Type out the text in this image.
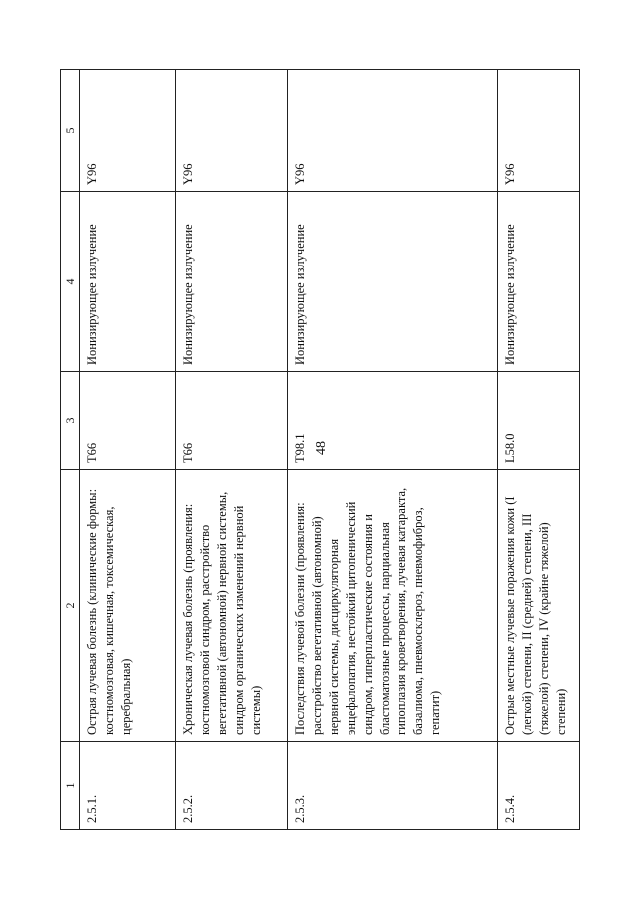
48
1	2	3	4	5
2.5.1.	Острая лучевая болезнь (клинические формы: костномозговая, кишечная, токсемическая, церебральная)	T66	Ионизирующее излучение	Y96
2.5.2.	Хроническая лучевая болезнь (проявления: костномозговой синдром, расстройство вегетативной (автономной) нервной системы, синдром органических изменений нервной системы)	T66	Ионизирующее излучение	Y96
2.5.3.	Последствия лучевой болезни (проявления: расстройство вегетативной (автономной) нервной системы, дисциркуляторная энцефалопатия, нестойкий цитопенический синдром, гиперпластические состояния и бластоматозные процессы, парциальная гипоплазия кроветворения, лучевая катаракта, базалиома, пневмосклероз, пневмофиброз, гепатит)	T98.1	Ионизирующее излучение	Y96
2.5.4.	Острые местные лучевые поражения кожи (I (легкой) степени, II (средней) степени, III (тяжелой) степени, IV (крайне тяжелой) степени)	L58.0	Ионизирующее излучение	Y96
